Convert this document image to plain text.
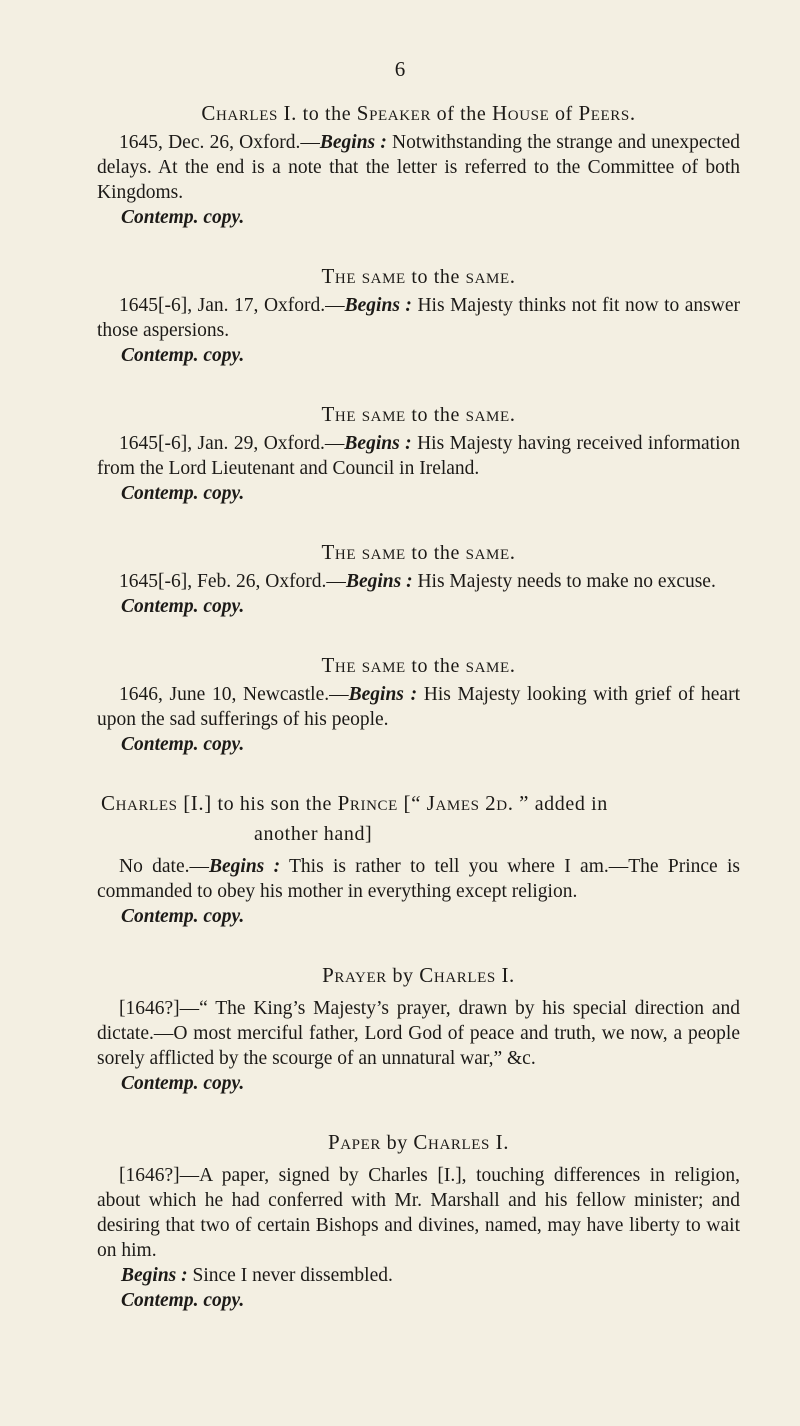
6

CHARLES I. to the SPEAKER of the HOUSE of PEERS.

1645, Dec. 26, Oxford.—Begins : Notwithstanding the strange and unexpected delays. At the end is a note that the letter is referred to the Committee of both Kingdoms.

Contemp. copy.

THE SAME to the SAME.

1645[-6], Jan. 17, Oxford.—Begins : His Majesty thinks not fit now to answer those aspersions.

Contemp. copy.

THE SAME to the SAME.

1645[-6], Jan. 29, Oxford.—Begins : His Majesty having received information from the Lord Lieutenant and Council in Ireland.

Contemp. copy.

THE SAME to the SAME.

1645[-6], Feb. 26, Oxford.—Begins : His Majesty needs to make no excuse.

Contemp. copy.

THE SAME to the SAME.

1646, June 10, Newcastle.—Begins : His Majesty looking with grief of heart upon the sad sufferings of his people.

Contemp. copy.

CHARLES [I.] to his son the PRINCE [“ JAMES 2D. ” added in

another hand]

No date.—Begins : This is rather to tell you where I am.—The Prince is commanded to obey his mother in everything except religion.

Contemp. copy.

PRAYER by CHARLES I.

[1646?]—“ The King’s Majesty’s prayer, drawn by his special direction and dictate.—O most merciful father, Lord God of peace and truth, we now, a people sorely afflicted by the scourge of an unnatural war,” &c.

Contemp. copy.

PAPER by CHARLES I.

[1646?]—A paper, signed by Charles [I.], touching differences in religion, about which he had conferred with Mr. Marshall and his fellow minister; and desiring that two of certain Bishops and divines, named, may have liberty to wait on him.

Begins : Since I never dissembled.

Contemp. copy.
